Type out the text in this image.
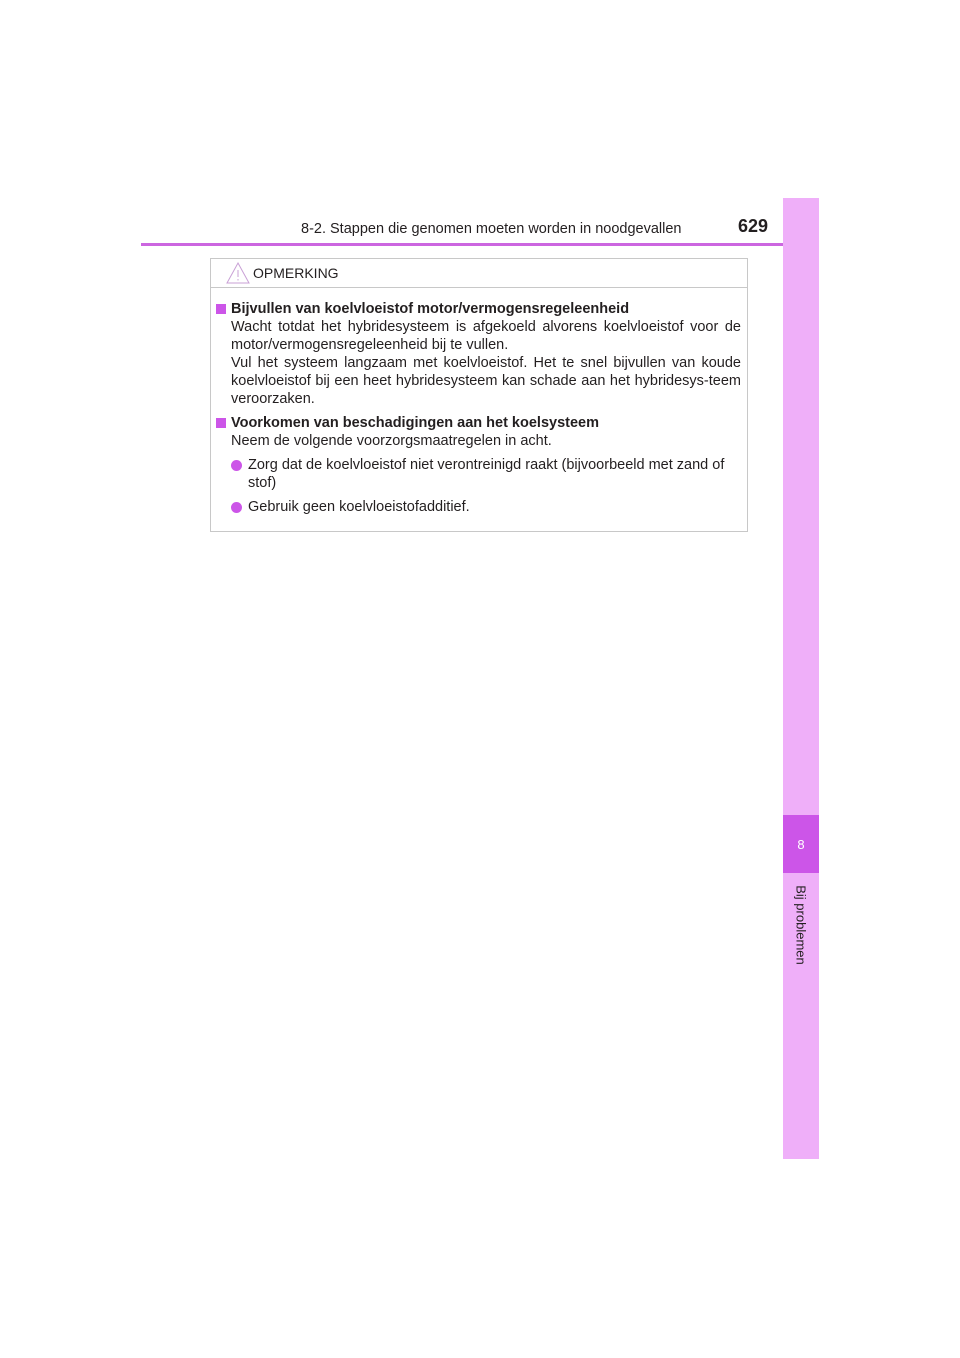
8-2. Stappen die genomen moeten worden in noodgevallen	629
8
Bij problemen
OPMERKING
Bijvullen van koelvloeistof motor/vermogensregeleenheid

Wacht totdat het hybridesysteem is afgekoeld alvorens koelvloeistof voor de motor/vermogensregeleenheid bij te vullen.

Vul het systeem langzaam met koelvloeistof. Het te snel bijvullen van koude koelvloeistof bij een heet hybridesysteem kan schade aan het hybridesys-teem veroorzaken.

Voorkomen van beschadigingen aan het koelsysteem

Neem de volgende voorzorgsmaatregelen in acht.

Zorg dat de koelvloeistof niet verontreinigd raakt (bijvoorbeeld met zand of stof)
Gebruik geen koelvloeistofadditief.
